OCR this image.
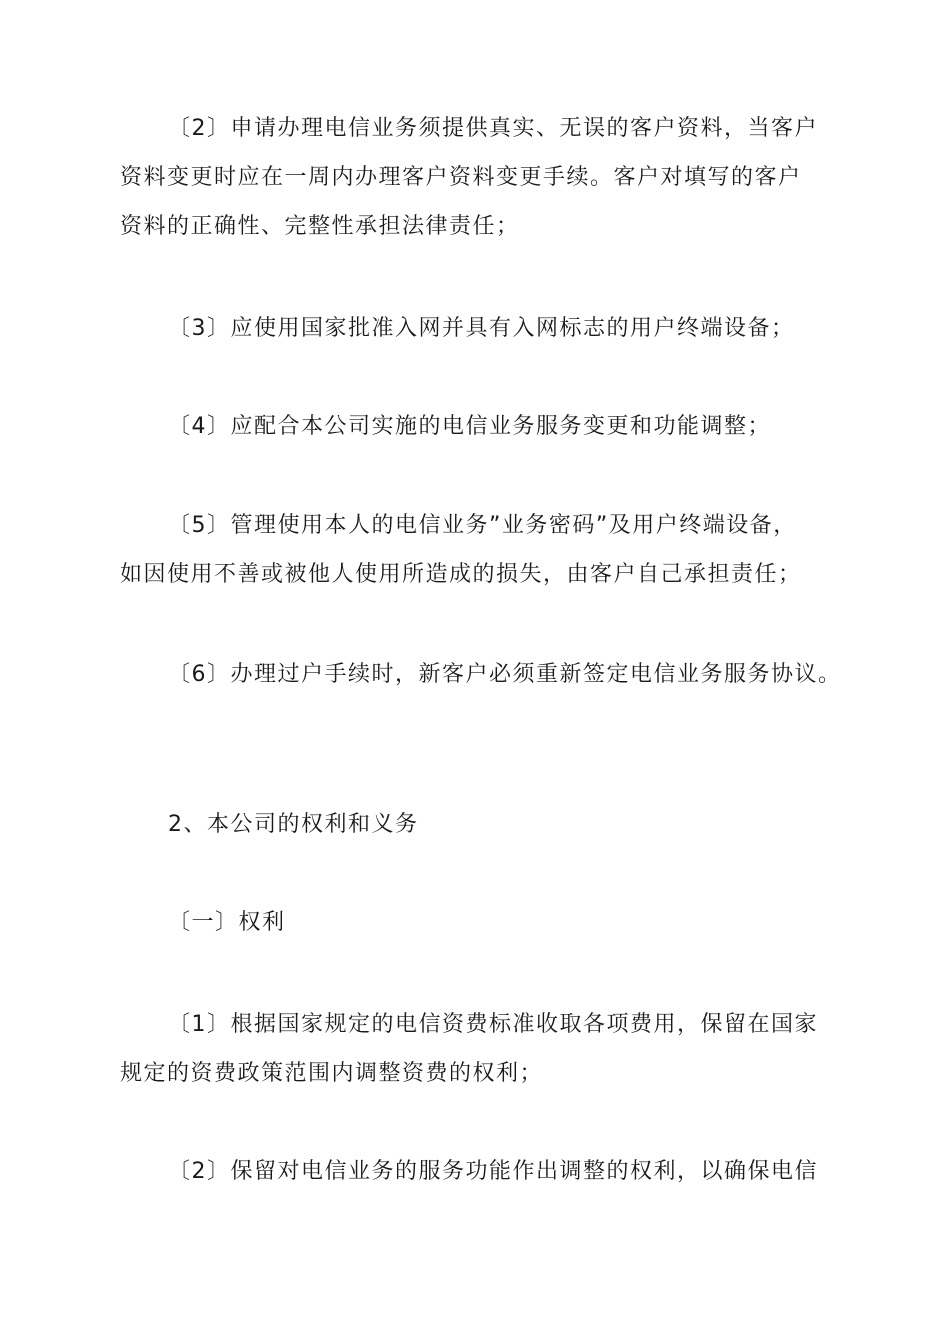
〔2〕申请办理电信业务须提供真实、无误的客户资料，当客户
资料变更时应在一周内办理客户资料变更手续。客户对填写的客户
资料的正确性、完整性承担法律责任；

〔3〕应使用国家批准入网并具有入网标志的用户终端设备；

〔4〕应配合本公司实施的电信业务服务变更和功能调整；

〔5〕管理使用本人的电信业务”业务密码”及用户终端设备，
如因使用不善或被他人使用所造成的损失，由客户自己承担责任；

〔6〕办理过户手续时，新客户必须重新签定电信业务服务协议。

2、本公司的权利和义务

〔一〕权利

〔1〕根据国家规定的电信资费标准收取各项费用，保留在国家
规定的资费政策范围内调整资费的权利；

〔2〕保留对电信业务的服务功能作出调整的权利，以确保电信
